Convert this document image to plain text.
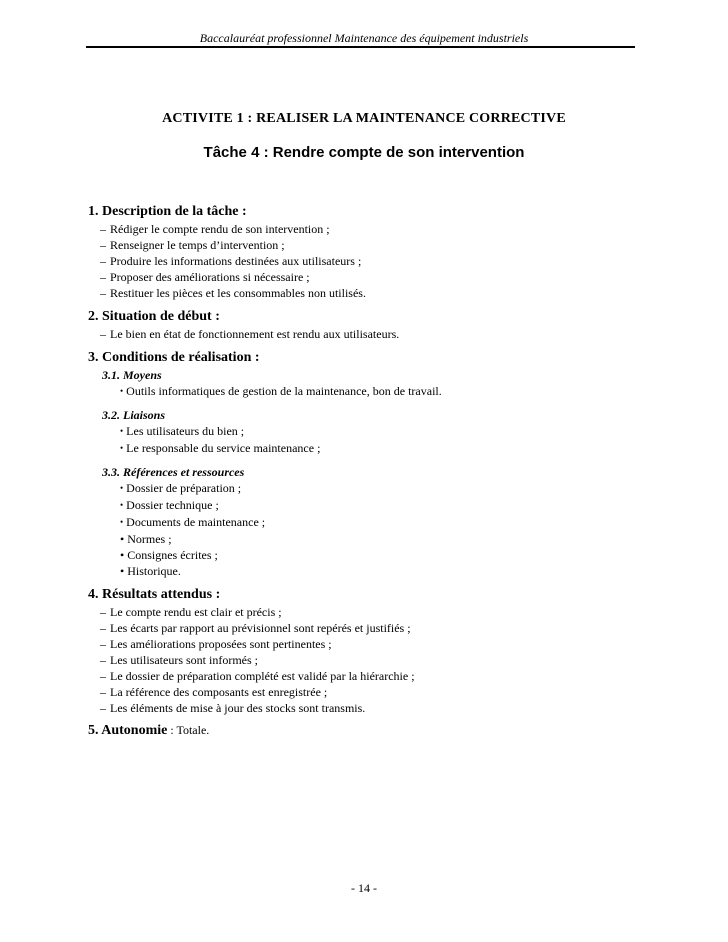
Baccalauréat professionnel Maintenance des équipement industriels
ACTIVITE 1 : REALISER LA MAINTENANCE CORRECTIVE
Tâche 4 : Rendre compte de son intervention

1. Description de la tâche :

– Rédiger le compte rendu de son intervention ;
– Renseigner le temps d’intervention ;
– Produire les informations destinées aux utilisateurs ;
– Proposer des améliorations si nécessaire ;
– Restituer les pièces et les consommables non utilisés.

2. Situation de début :

– Le bien en état de fonctionnement est rendu aux utilisateurs.

3. Conditions de réalisation :

3.1. Moyens

• Outils informatiques de gestion de la maintenance, bon de travail.

3.2. Liaisons

• Les utilisateurs du bien ;
• Le responsable du service maintenance ;

3.3. Références et ressources

• Dossier de préparation ;
• Dossier technique ;
• Documents de maintenance ;
• Normes ;
• Consignes écrites ;
• Historique.

4. Résultats attendus :

– Le compte rendu est clair et précis ;
– Les écarts par rapport au prévisionnel sont repérés et justifiés ;
– Les améliorations proposées sont pertinentes ;
– Les utilisateurs sont informés ;
– Le dossier de préparation complété est validé par la hiérarchie ;
– La référence des composants est enregistrée ;
– Les éléments de mise à jour des stocks sont transmis.
5. Autonomie : Totale.
- 14 -
